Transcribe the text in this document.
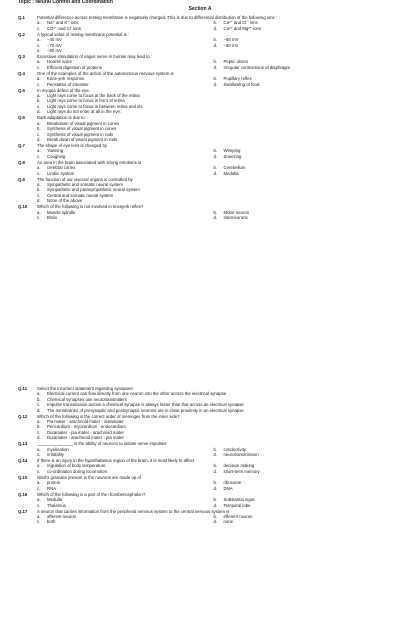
Topic : Neural Control and Coordination
Section A
Q.1	Potential difference across resting membrane is negatively charged. This is due to differential distribution of the following ions :
a.	Na⁺ and K⁺ ions	b.	Ca²⁺ and Cl⁻ ions
c.	CO³⁻ and Cl⁻ions	d.	Ca²⁺ and Mg²⁺ ions
Q.2	A typical value of resting membrane potential is :
a.	−40 mV	b.	−60 mV
c.	−70 mV	d.	−80 mV
e.	−90 mV
Q.3	Excessive stimulation of vagus nerve in human may lead to :
a.	Hoarse voice	b.	Peptic ulcers
c.	Efficient digestion of proteins	d.	Irregular contractions of diaphragm
Q.4	One of the examples of the action of the autonomous nervous system is
a.	Knee-jerk response	b.	Pupillary reflex
c.	Peristalsis of intestine	d.	Swallowing of food
Q.5	In myopia defect of the eye.
a.	Light rays come to focus at the back of the retina
b.	Light rays come to focus in front of retina
c.	Light rays come to focus in between retina and iris
d.	Light rays do not enter at all in the eye.
Q.6	Dark adaptation is due to
a.	Breakdown of visual pigment in cones
b.	Synthesis of visual pigment in cones
c.	Synthesis of visual pigment in rods
d.	Break down of visual pigment in rods
Q.7	The shape of eye lens is changed by
a.	Yawning	b.	Weeping
c.	Coughing	d.	Sneezing
Q.8	An area in the brain associated with strong emotions is
a.	cerebral cortex	b.	Cerebellum
c.	Limbic system	d.	Medulla
Q.9	The function of our visceral organs is controlled by
a.	Sympathetic and somatic neural system
b.	Sympathetic and parasympathetic neural system
c.	Central and somatic neural system
d.	None of the above
Q.10	Which of the following is not involved in kneejerk reflex?
a.	Muscle spindle	b.	Motor neuron
c.	Brain	d.	Interneurons
Q.11	Select the incorrect statement regarding synapses:
a.	Electrical current can flow directly from one neuron into the other across the electrical synapse
b.	Chemical synapses use neurotransmitters
c.	Impulse transmission across a chemical synapse is always faster than that across an electrical synapse
d.	The membranes of presynaptic and postsynaptic neurons are in close proximity in an electrical synapse
Q.12	Which of the following is the correct order of meninges from the inner side?
a.	Pia mater - arachnoid mater - duramater
b.	Pericardium - myocardium - endocardium
c.	Duramater - pia mater - arachnoid mater
d.	Duramater - arachnoid mater - pia mater
Q.13	_______________ is the ability of neurons to initiate nerve impulses
a.	myelination	b.	conductivity
c.	irritability	d.	neurotransmission
Q.14	If there is an injury in the hypothalamus region of the brain, it is most likely to affect
a.	regulation of body temperature	b.	decision making
c.	co-ordination during locomotion	d.	short-term memory
Q.15	Nissl's granules present in the neurons are made up of
a.	protein	b.	ribosome
c.	RNA	d.	DNA
Q.16	Which of the following is a part of the rhombencephalon?
a.	Medulla	b.	Substantia nigra
c.	Thalamus	d.	Temporal lobe
Q.17	A neuron that carries information from the peripheral nervous system to the central nervous system is
a.	afferent neuron	b.	efferent neuron
c.	both	d.	none
